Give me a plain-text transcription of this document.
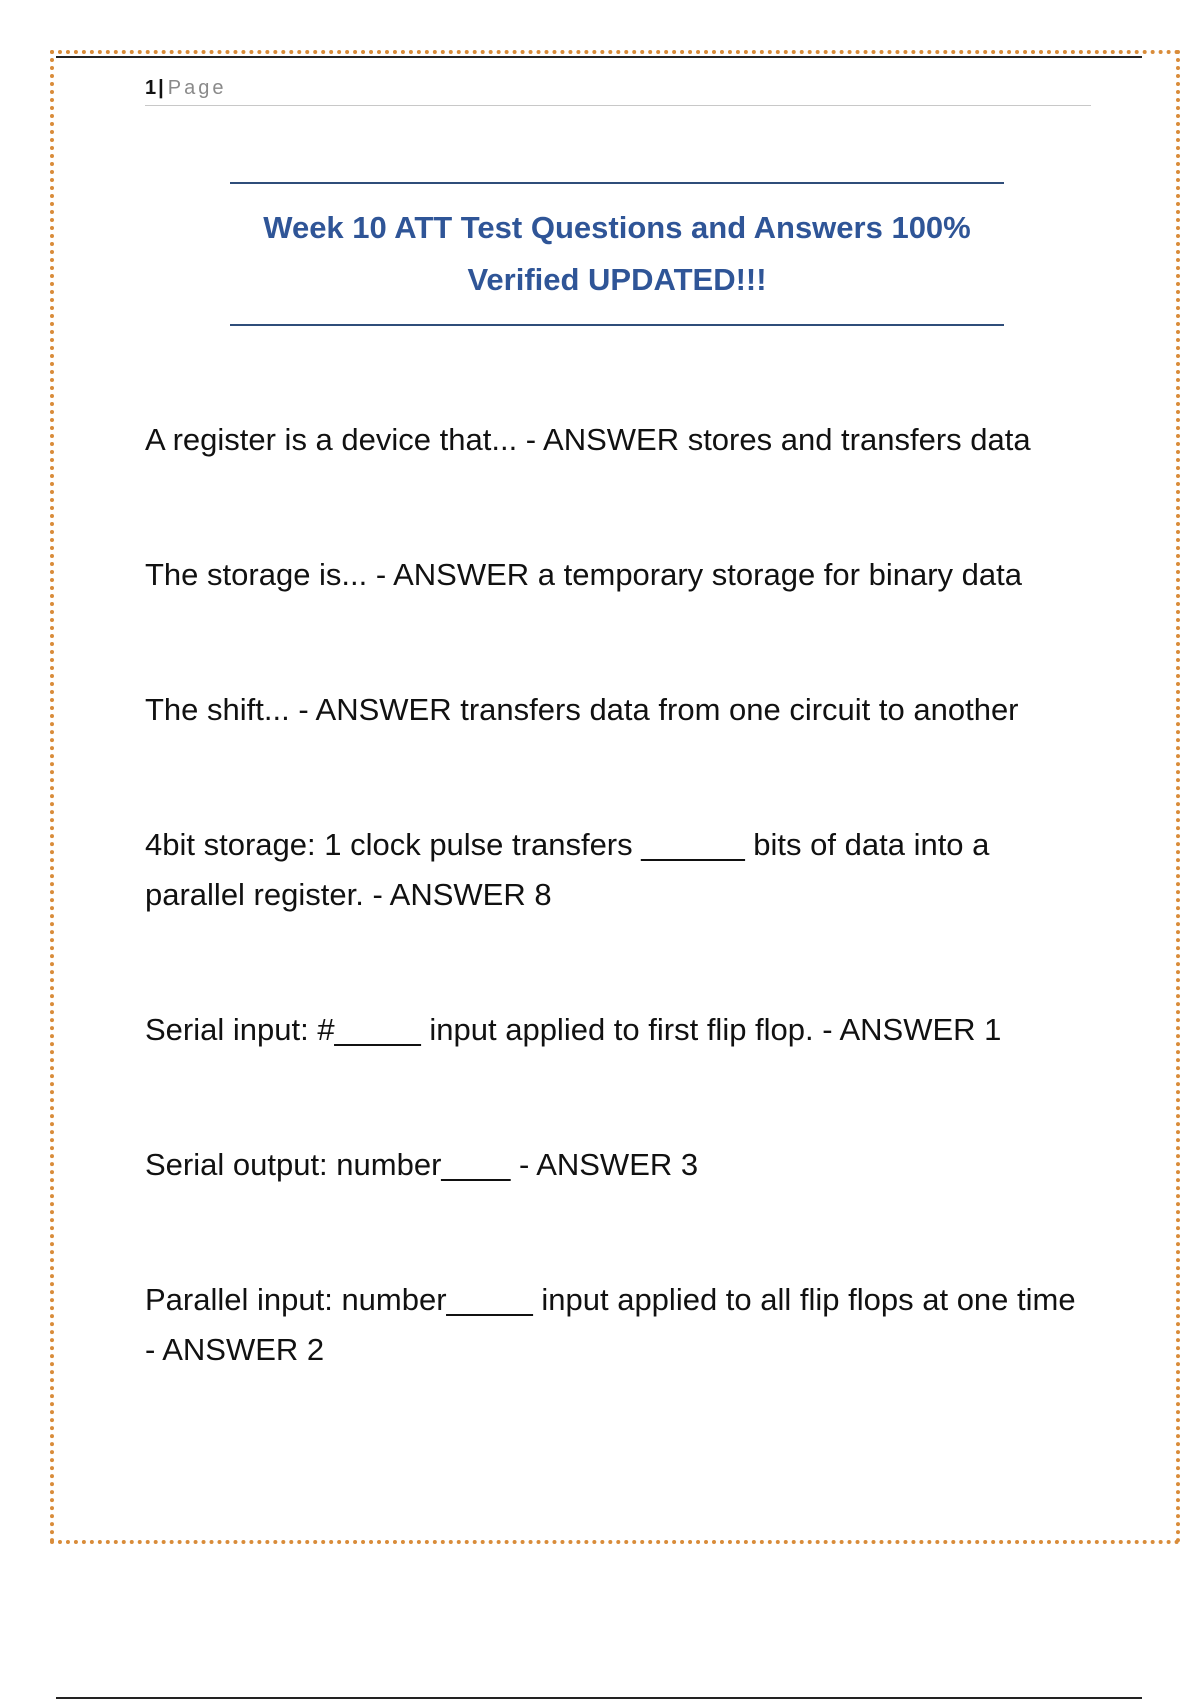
1 | Page
Week 10 ATT Test Questions and Answers 100%
Verified UPDATED!!!
A register is a device that... - ANSWER stores and transfers data
The storage is... - ANSWER a temporary storage for binary data
The shift... - ANSWER transfers data from one circuit to another
4bit storage: 1 clock pulse transfers ______ bits of data into a parallel register. - ANSWER 8
Serial input: #_____ input applied to first flip flop. - ANSWER 1
Serial output: number____ - ANSWER 3
Parallel input: number_____ input applied to all flip flops at one time - ANSWER 2
